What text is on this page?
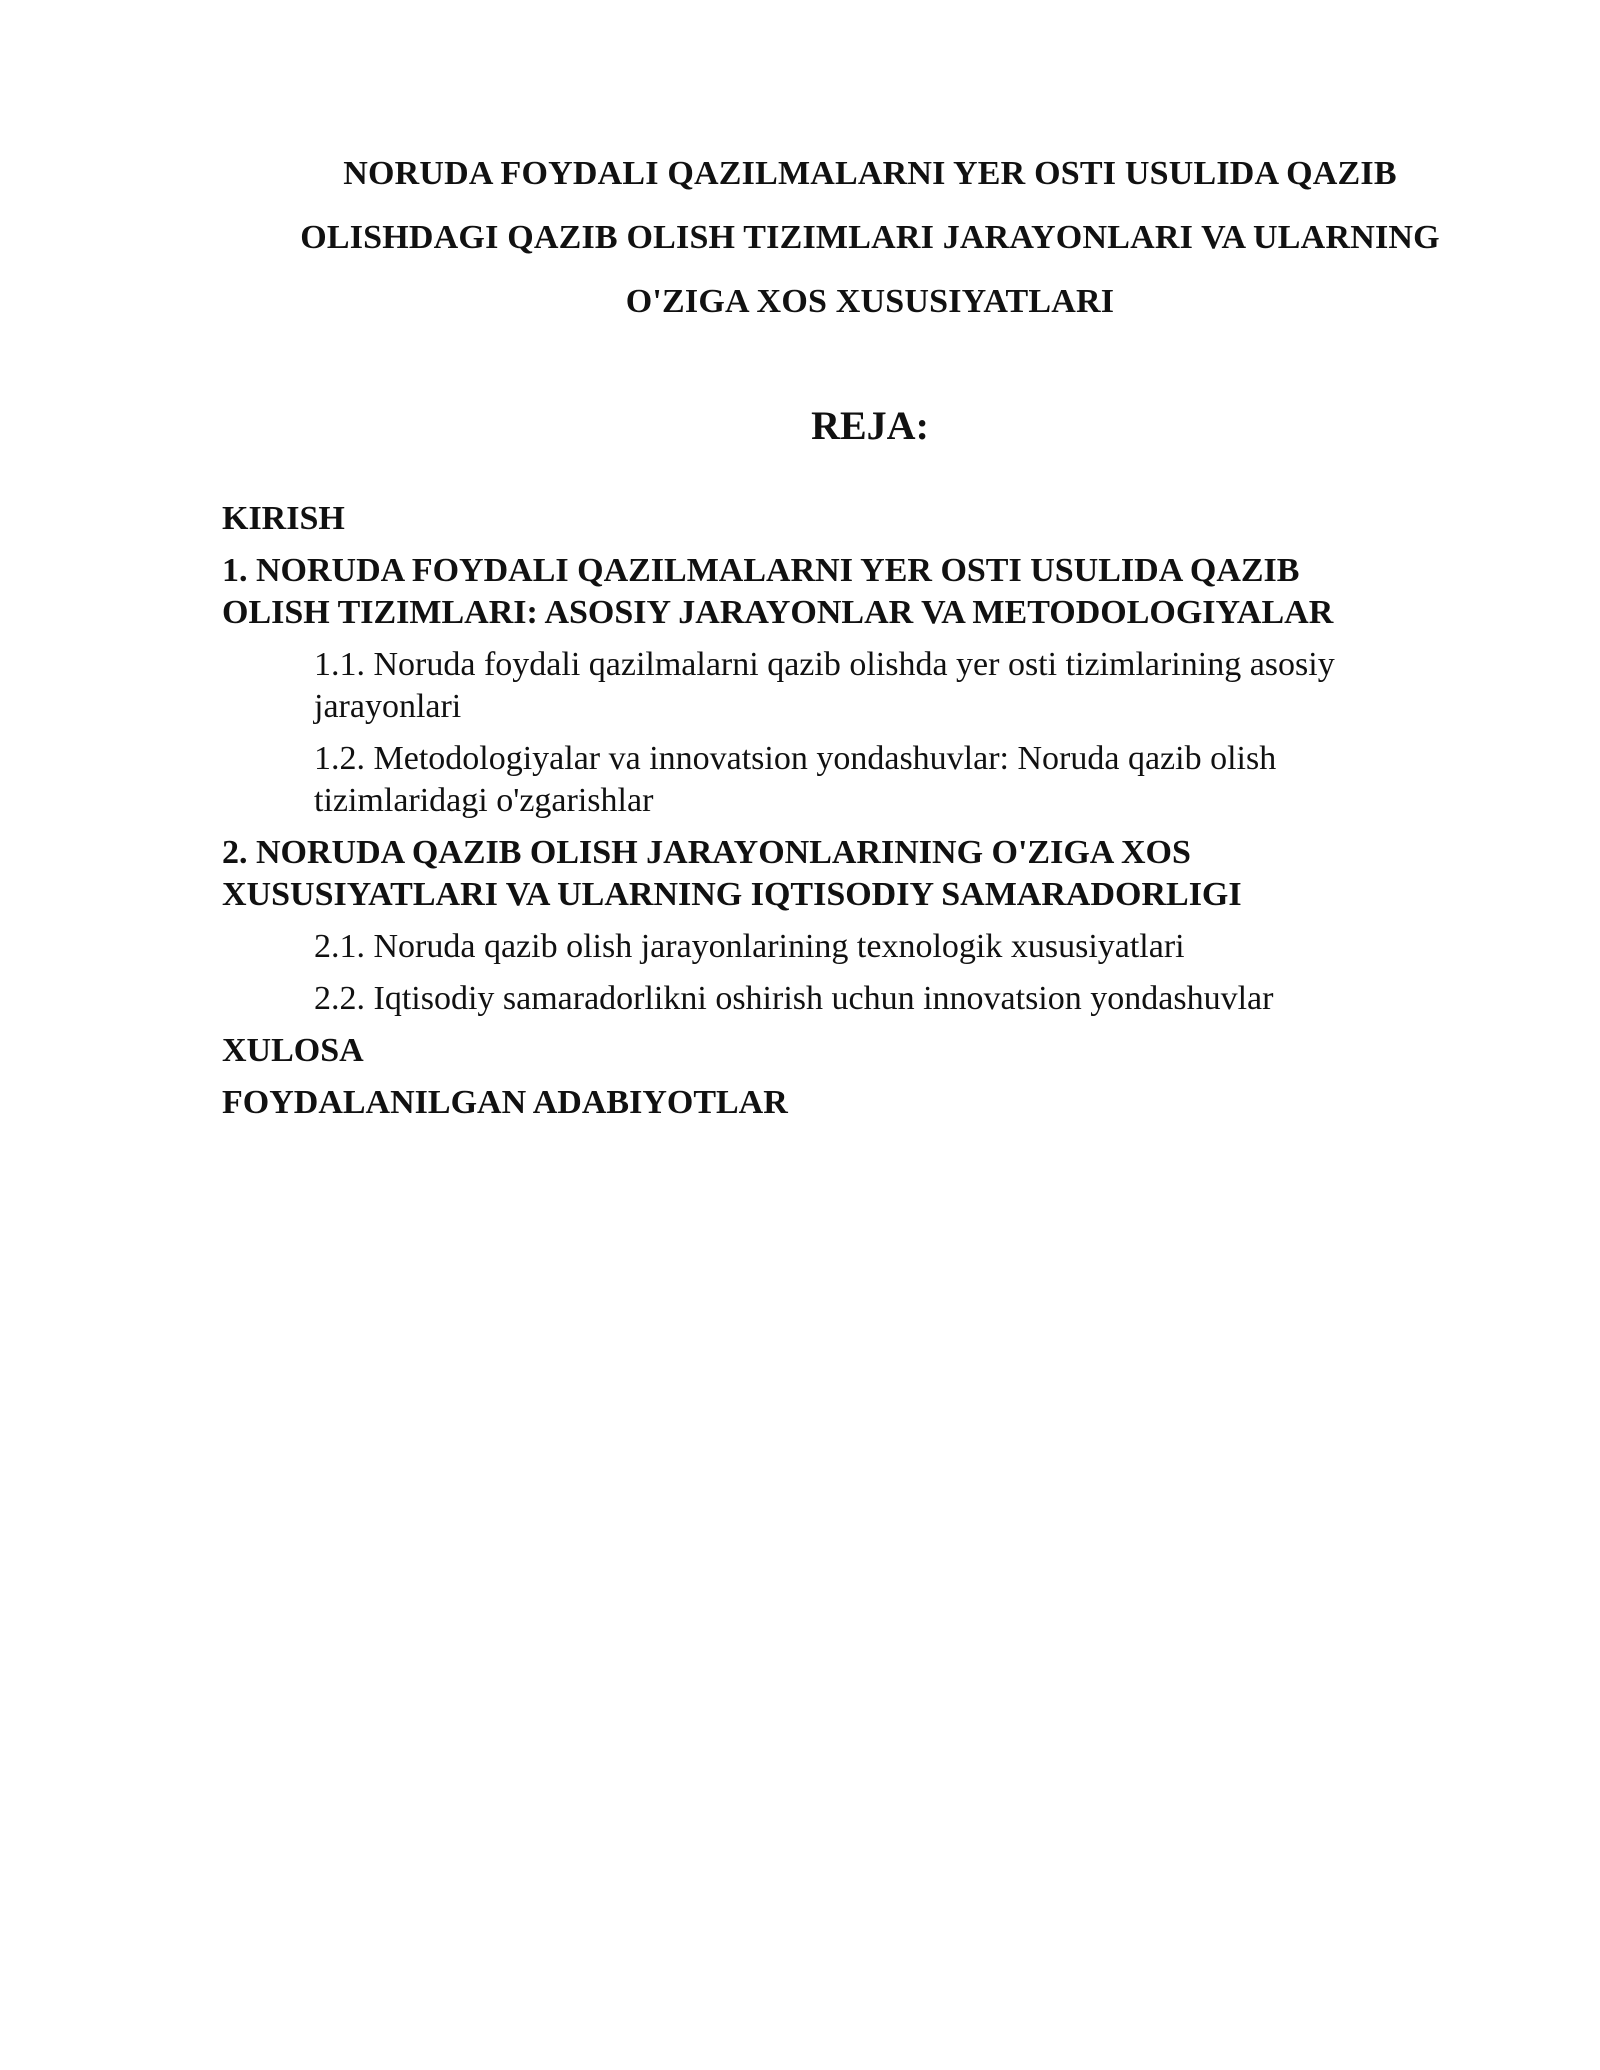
NORUDA FOYDALI QAZILMALARNI YER OSTI USULIDA QAZIB
OLISHDAGI QAZIB OLISH TIZIMLARI JARAYONLARI VA ULARNING
O'ZIGA XOS XUSUSIYATLARI
REJA:
KIRISH
1. NORUDA FOYDALI QAZILMALARNI YER OSTI USULIDA QAZIB
OLISH TIZIMLARI: ASOSIY JARAYONLAR VA METODOLOGIYALAR
1.1. Noruda foydali qazilmalarni qazib olishda yer osti tizimlarining asosiy
jarayonlari
1.2. Metodologiyalar va innovatsion yondashuvlar: Noruda qazib olish
tizimlaridagi o'zgarishlar
2. NORUDA QAZIB OLISH JARAYONLARINING O'ZIGA XOS
XUSUSIYATLARI VA ULARNING IQTISODIY SAMARADORLIGI
2.1. Noruda qazib olish jarayonlarining texnologik xususiyatlari
2.2. Iqtisodiy samaradorlikni oshirish uchun innovatsion yondashuvlar
XULOSA
FOYDALANILGAN ADABIYOTLAR
